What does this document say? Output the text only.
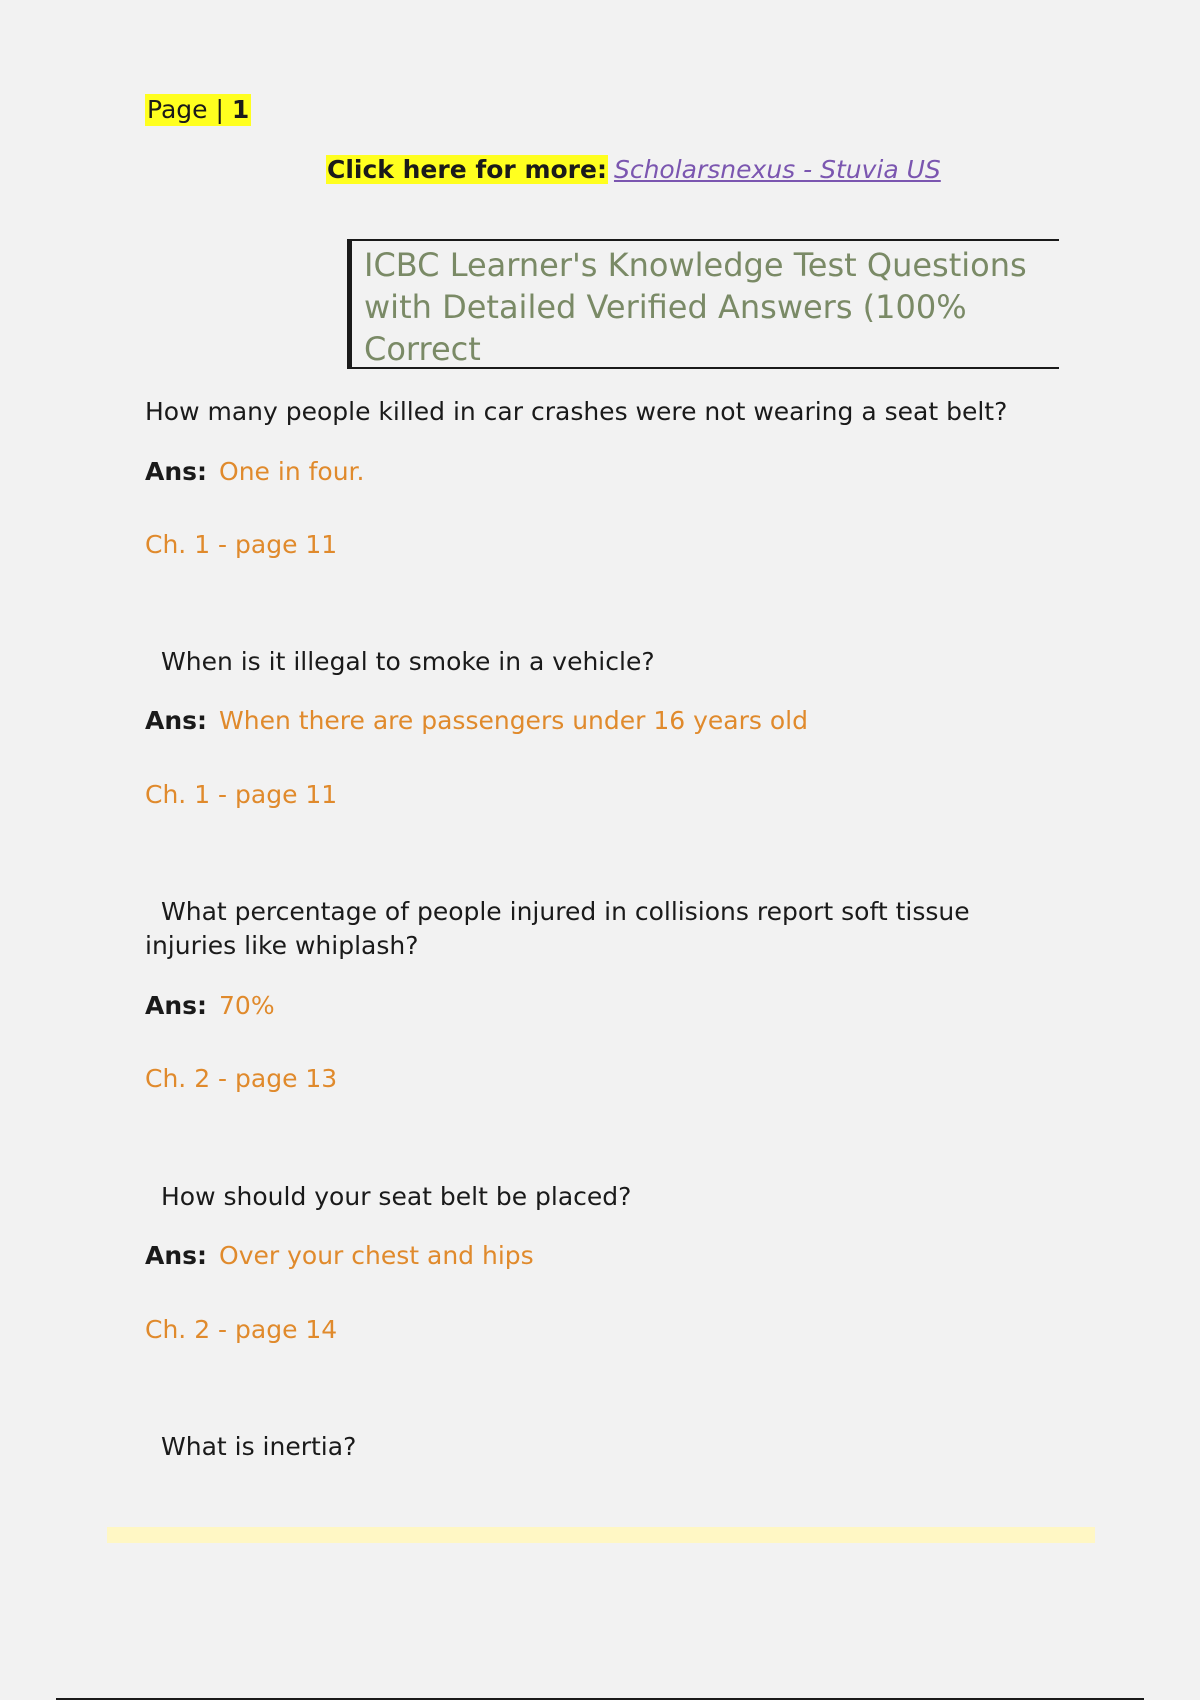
Page | 1
Click here for more: Scholarsnexus - Stuvia US
ICBC Learner's Knowledge Test Questions
with Detailed Verified Answers (100% Correct

How many people killed in car crashes were not wearing a seat belt?

Ans: One in four.

Ch. 1 - page 11

When is it illegal to smoke in a vehicle?

Ans: When there are passengers under 16 years old

Ch. 1 - page 11

What percentage of people injured in collisions report soft tissue injuries like whiplash?

Ans: 70%

Ch. 2 - page 13

How should your seat belt be placed?

Ans: Over your chest and hips

Ch. 2 - page 14

What is inertia?
